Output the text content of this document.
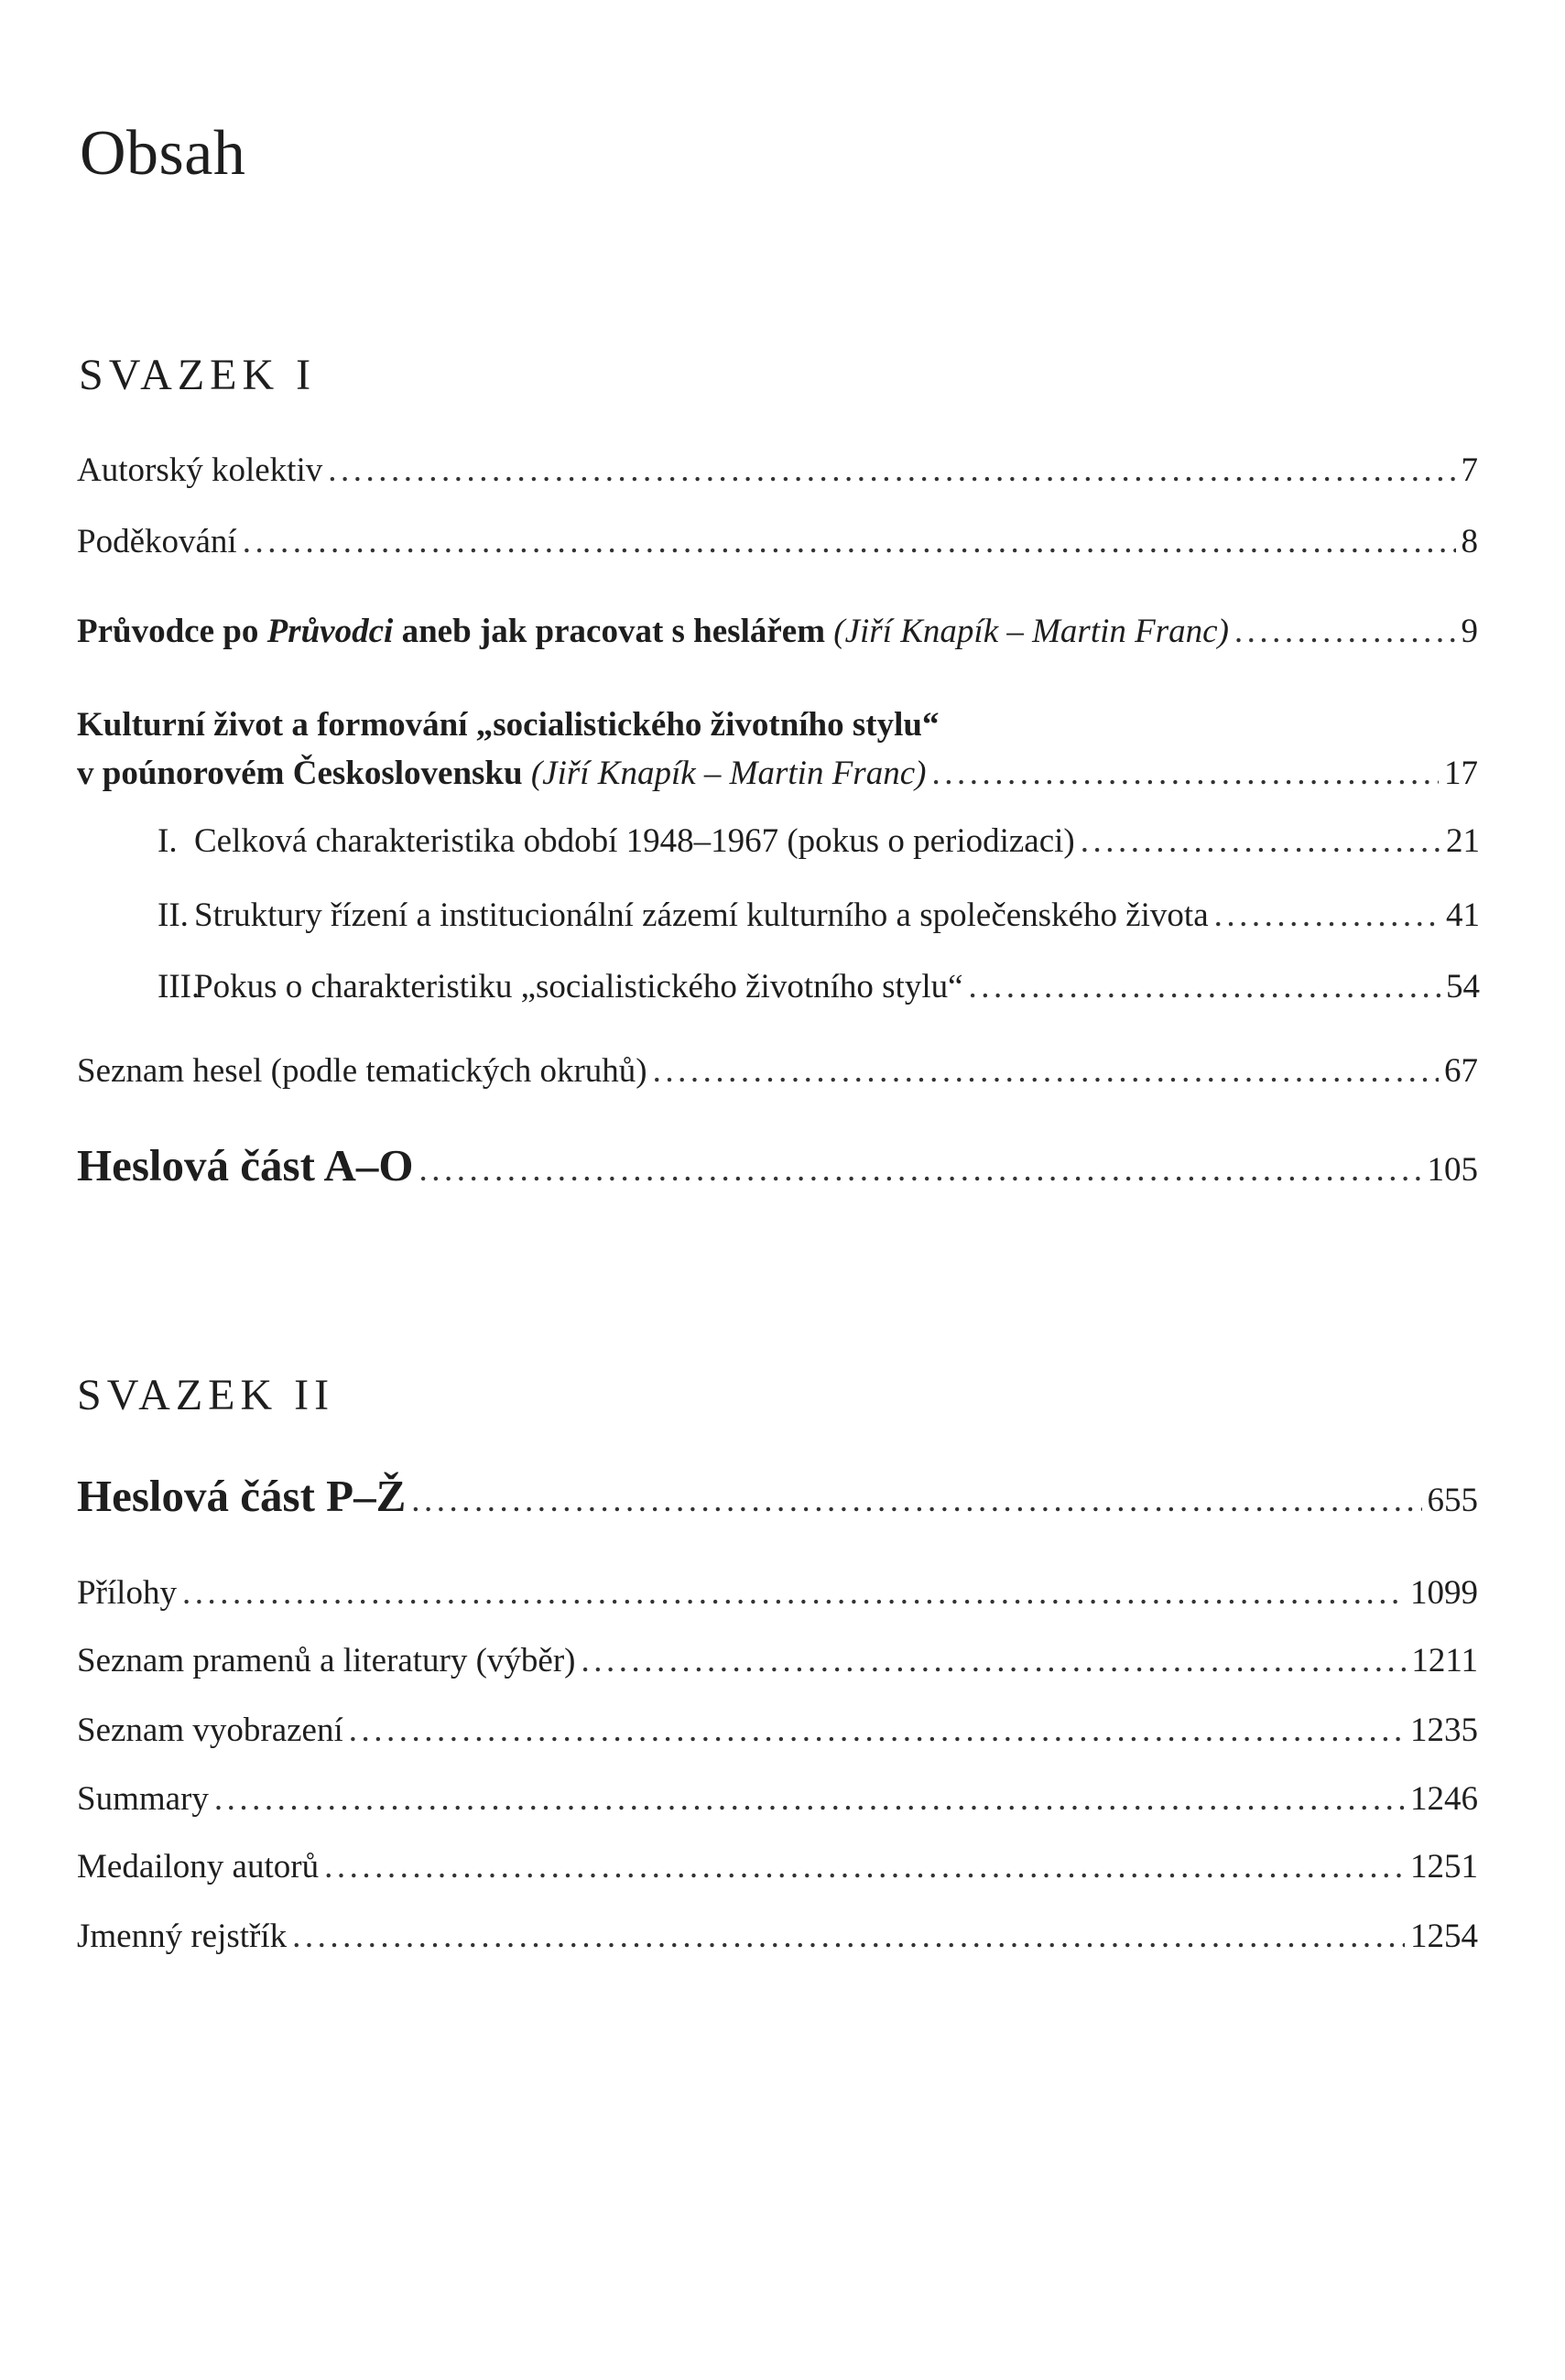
Obsah
SVAZEK I
Autorský kolektiv .....	7
Poděkování .....	8
Průvodce po Průvodci aneb jak pracovat s heslářem (Jiří Knapík – Martin Franc) .....	9
Kulturní život a formování „socialistického životního stylu“
v poúnorovém Československu (Jiří Knapík – Martin Franc) .....	17
I. Celková charakteristika období 1948–1967 (pokus o periodizaci) .....	21
II. Struktury řízení a institucionální zázemí kulturního a společenského života .....	41
III.Pokus o charakteristiku „socialistického životního stylu“ .....	54
Seznam hesel (podle tematických okruhů) .....	67
Heslová část A–O .....	105
SVAZEK II
Heslová část P–Ž .....	655
Přílohy .....	1099
Seznam pramenů a literatury (výběr) .....	1211
Seznam vyobrazení .....	1235
Summary .....	1246
Medailony autorů .....	1251
Jmenný rejstřík .....	1254
